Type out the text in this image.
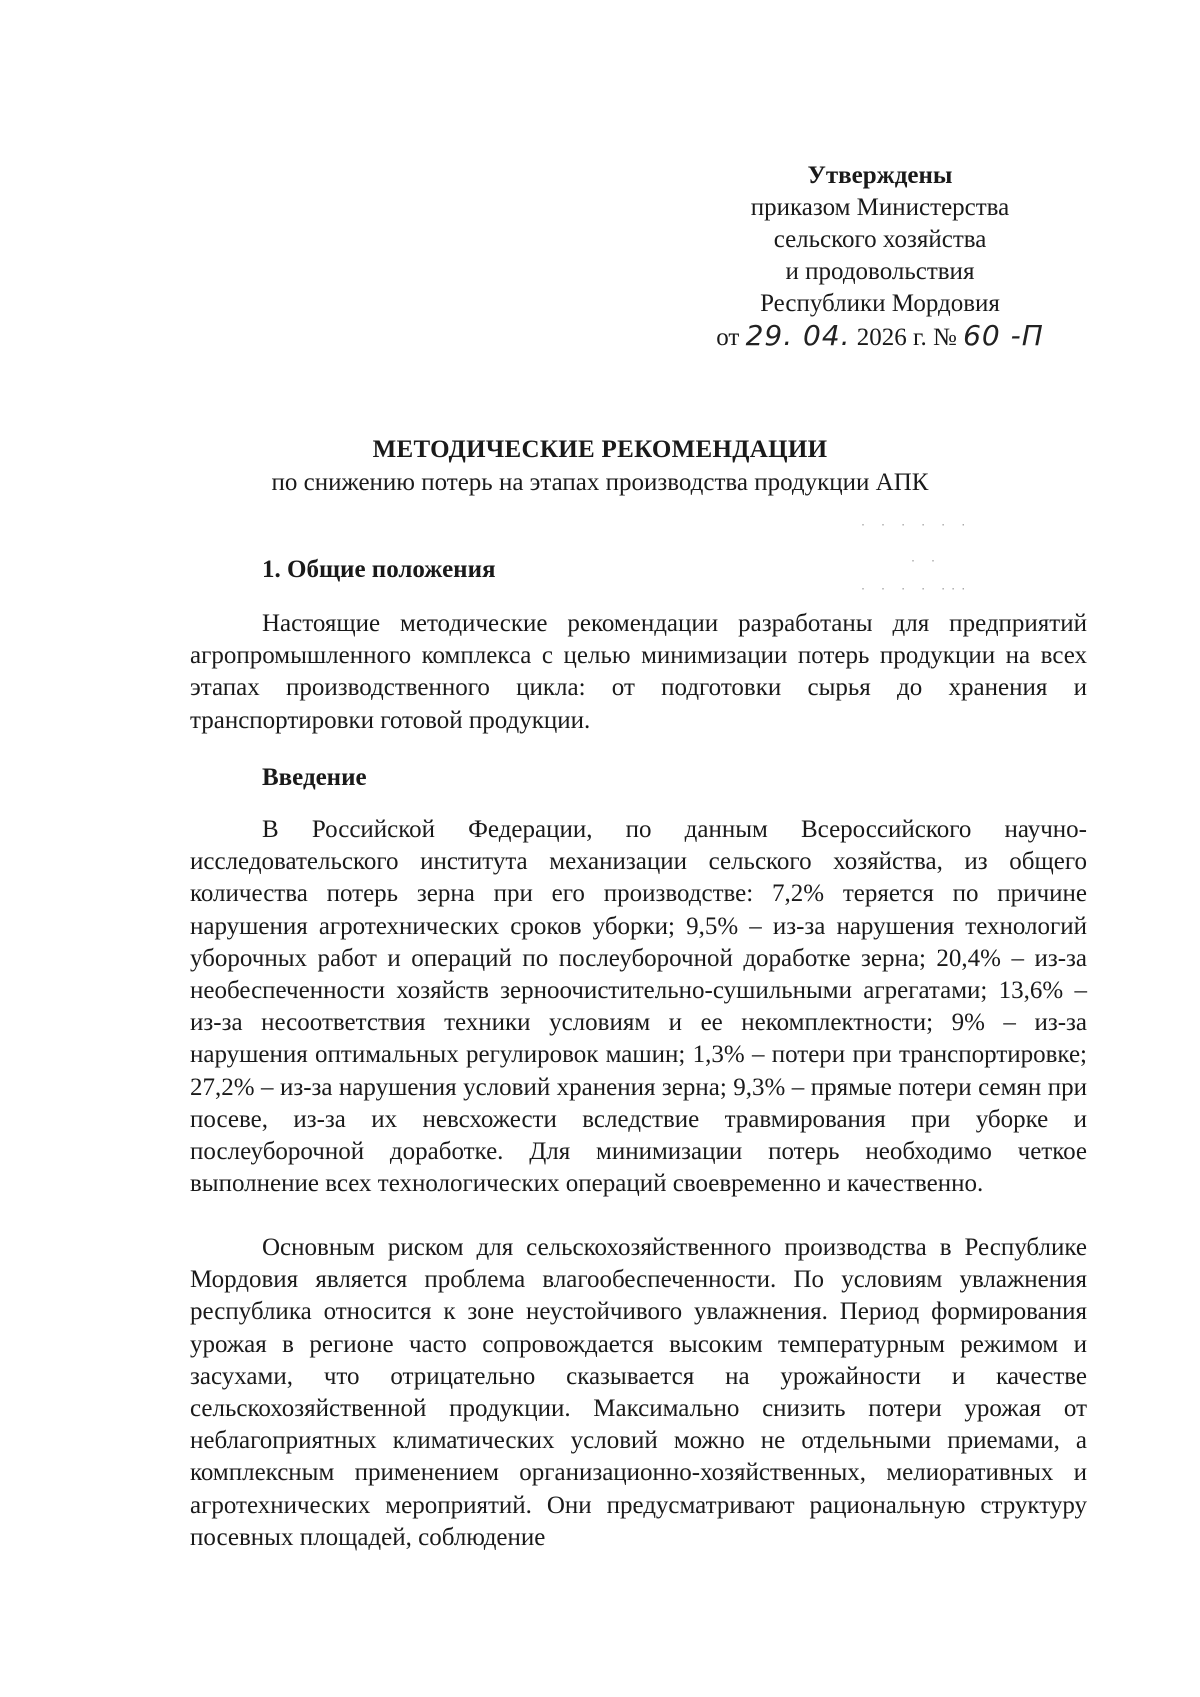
Утверждены
приказом Министерства
сельского хозяйства
и продовольствия
Республики Мордовия
от 29. 04. 2026 г. № 60 -П
МЕТОДИЧЕСКИЕ РЕКОМЕНДАЦИИ
по снижению потерь на этапах производства продукции АПК
· · · · · ·
· ·
· · · · ···
1. Общие положения

Настоящие методические рекомендации разработаны для предприятий агропромышленного комплекса с целью минимизации потерь продукции на всех этапах производственного цикла: от подготовки сырья до хранения и транспортировки готовой продукции.

Введение

В Российской Федерации, по данным Всероссийского научно-исследовательского института механизации сельского хозяйства, из общего количества потерь зерна при его производстве: 7,2% теряется по причине нарушения агротехнических сроков уборки; 9,5% – из-за нарушения технологий уборочных работ и операций по послеуборочной доработке зерна; 20,4% – из-за необеспеченности хозяйств зерноочистительно-сушильными агрегатами; 13,6% – из-за несоответствия техники условиям и ее некомплектности; 9% – из-за нарушения оптимальных регулировок машин; 1,3% – потери при транспортировке; 27,2% – из-за нарушения условий хранения зерна; 9,3% – прямые потери семян при посеве, из-за их невсхожести вследствие травмирования при уборке и послеуборочной доработке. Для минимизации потерь необходимо четкое выполнение всех технологических операций своевременно и качественно.

Основным риском для сельскохозяйственного производства в Республике Мордовия является проблема влагообеспеченности. По условиям увлажнения республика относится к зоне неустойчивого увлажнения. Период формирования урожая в регионе часто сопровождается высоким температурным режимом и засухами, что отрицательно сказывается на урожайности и качестве сельскохозяйственной продукции. Максимально снизить потери урожая от неблагоприятных климатических условий можно не отдельными приемами, а комплексным применением организационно-хозяйственных, мелиоративных и агротехнических мероприятий. Они предусматривают рациональную структуру посевных площадей, соблюдение
